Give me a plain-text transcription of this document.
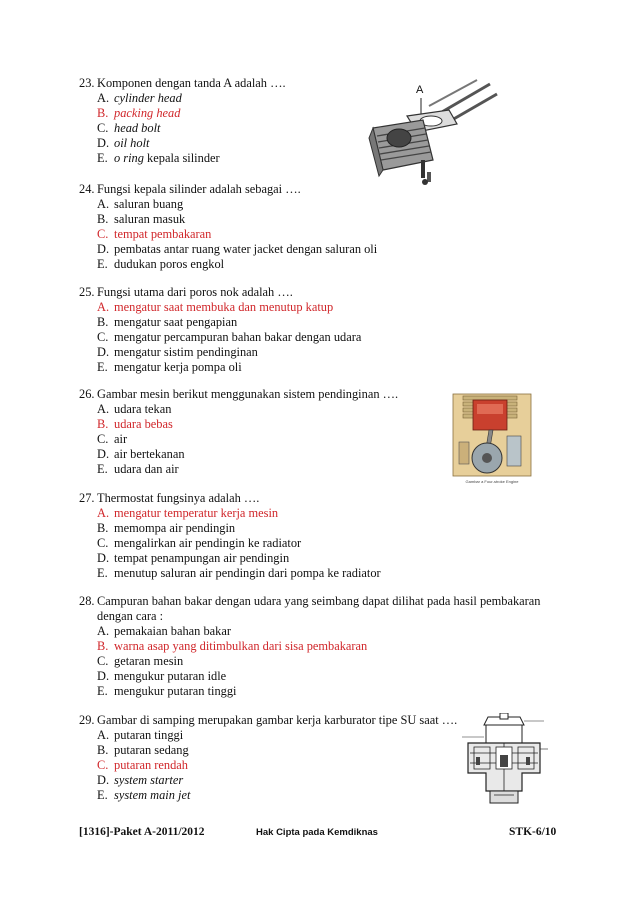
23. Komponen dengan tanda A adalah ….
A. cylinder head
B. packing head
C. head bolt
D. oil holt
E. o ring kepala silinder
24. Fungsi kepala silinder adalah sebagai ….
A. saluran buang
B. saluran masuk
C. tempat pembakaran
D. pembatas antar ruang water jacket dengan saluran oli
E. dudukan poros engkol
25. Fungsi utama dari poros nok adalah ….
A. mengatur saat membuka dan menutup katup
B. mengatur saat pengapian
C. mengatur percampuran bahan bakar dengan udara
D. mengatur sistim pendinginan
E. mengatur kerja pompa oli
26. Gambar mesin berikut menggunakan sistem pendinginan ….
A. udara tekan
B. udara bebas
C. air
D. air bertekanan
E. udara dan air
27. Thermostat fungsinya adalah ….
A. mengatur temperatur kerja mesin
B. memompa air pendingin
C. mengalirkan air pendingin ke radiator
D. tempat penampungan air pendingin
E. menutup saluran air pendingin dari pompa ke radiator
28. Campuran bahan bakar dengan udara yang seimbang dapat dilihat pada hasil pembakaran
dengan cara :
A. pemakaian bahan bakar
B. warna asap yang ditimbulkan dari sisa pembakaran
C. getaran mesin
D. mengukur putaran idle
E. mengukur putaran tinggi
29. Gambar di samping merupakan gambar kerja karburator tipe SU saat ….
A. putaran tinggi
B. putaran sedang
C. putaran rendah
D. system starter
E. system main jet
A
Gambar a Four-stroke Engine
[1316]-Paket A-2011/2012	Hak Cipta pada Kemdiknas	STK-6/10
